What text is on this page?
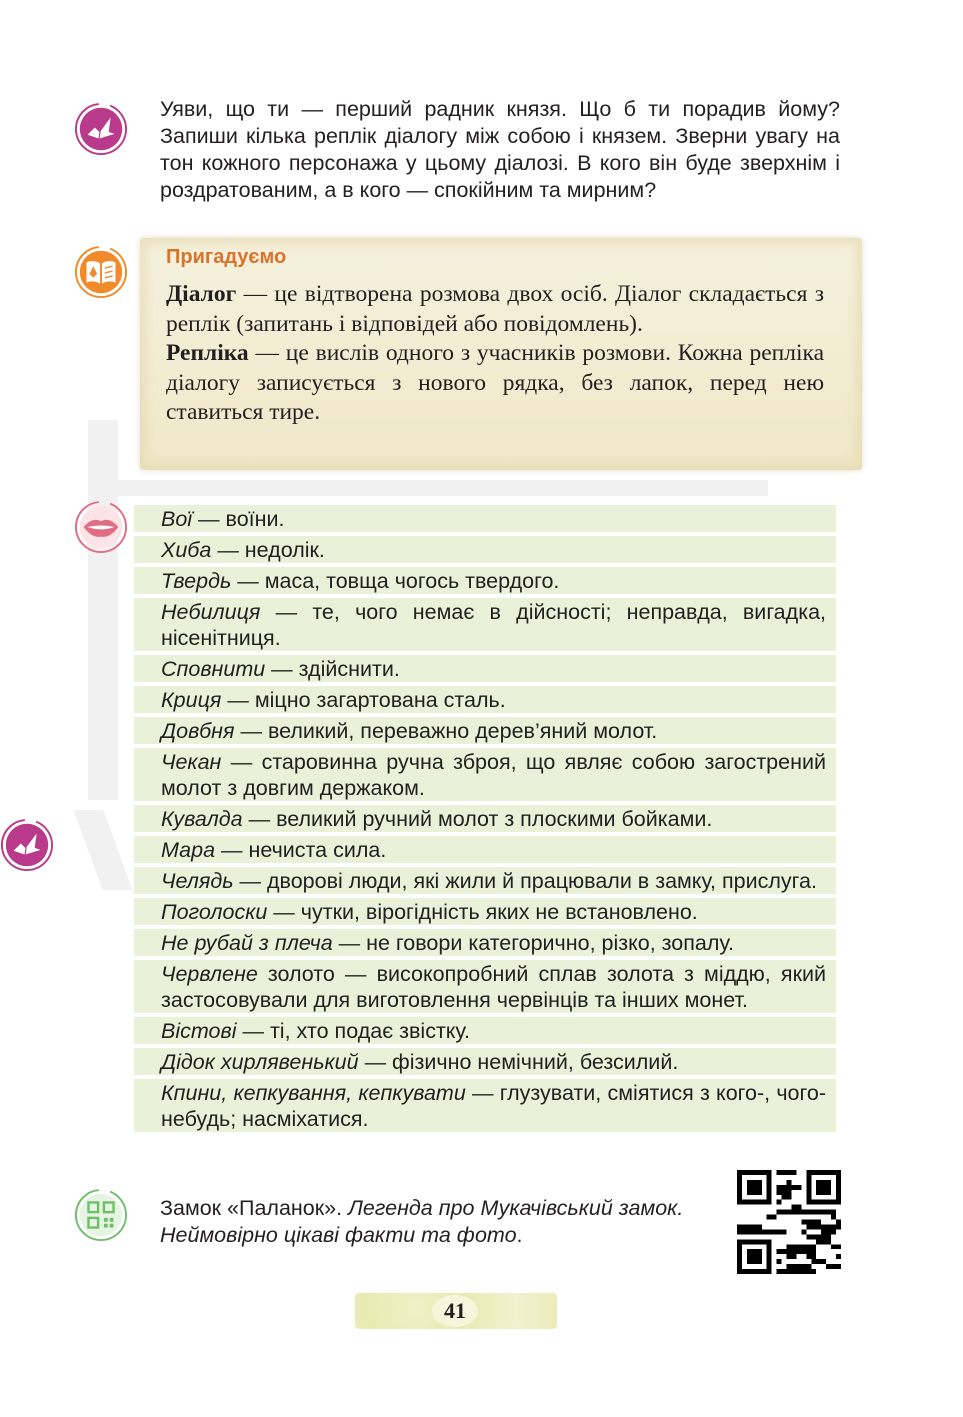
Уяви, що ти — перший радник князя. Що б ти порадив йому? Запиши кілька реплік діалогу між собою і князем. Зверни увагу на тон кожного персонажа у цьому діалозі. В кого він буде зверхнім і роздратованим, а в кого — спокійним та мирним?

Пригадуємо

Діалог — це відтворена розмова двох осіб. Діалог складається з реплік (запитань і відповідей або повідомлень).

Репліка — це вислів одного з учасників розмови. Кожна репліка діалогу записується з нового рядка, без лапок, перед нею ставиться тире.

Вої — воїни.
Хиба — недолік.
Твердь — маса, товща чогось твердого.
Небилиця — те, чого немає в дійсності; неправда, вигадка, нісенітниця.
Сповнити — здійснити.
Криця — міцно загартована сталь.
Довбня — великий, переважно дерев’яний молот.
Чекан — старовинна ручна зброя, що являє собою загострений молот з довгим держаком.
Кувалда — великий ручний молот з плоскими бойками.
Мара — нечиста сила.
Челядь — дворові люди, які жили й працювали в замку, прислуга.
Поголоски — чутки, вірогідність яких не встановлено.
Не рубай з плеча — не говори категорично, різко, зопалу.
Червлене золото — високопробний сплав золота з міддю, який застосовували для виготовлення червінців та інших монет.
Вістові — ті, хто подає звістку.
Дідок хирлявенький — фізично немічний, безсилий.
Кпини, кепкування, кепкувати — глузувати, сміятися з кого-, чого-небудь; насміхатися.

Замок «Паланок». Легенда про Мукачівський замок. Неймовірно цікаві факти та фото.

41
